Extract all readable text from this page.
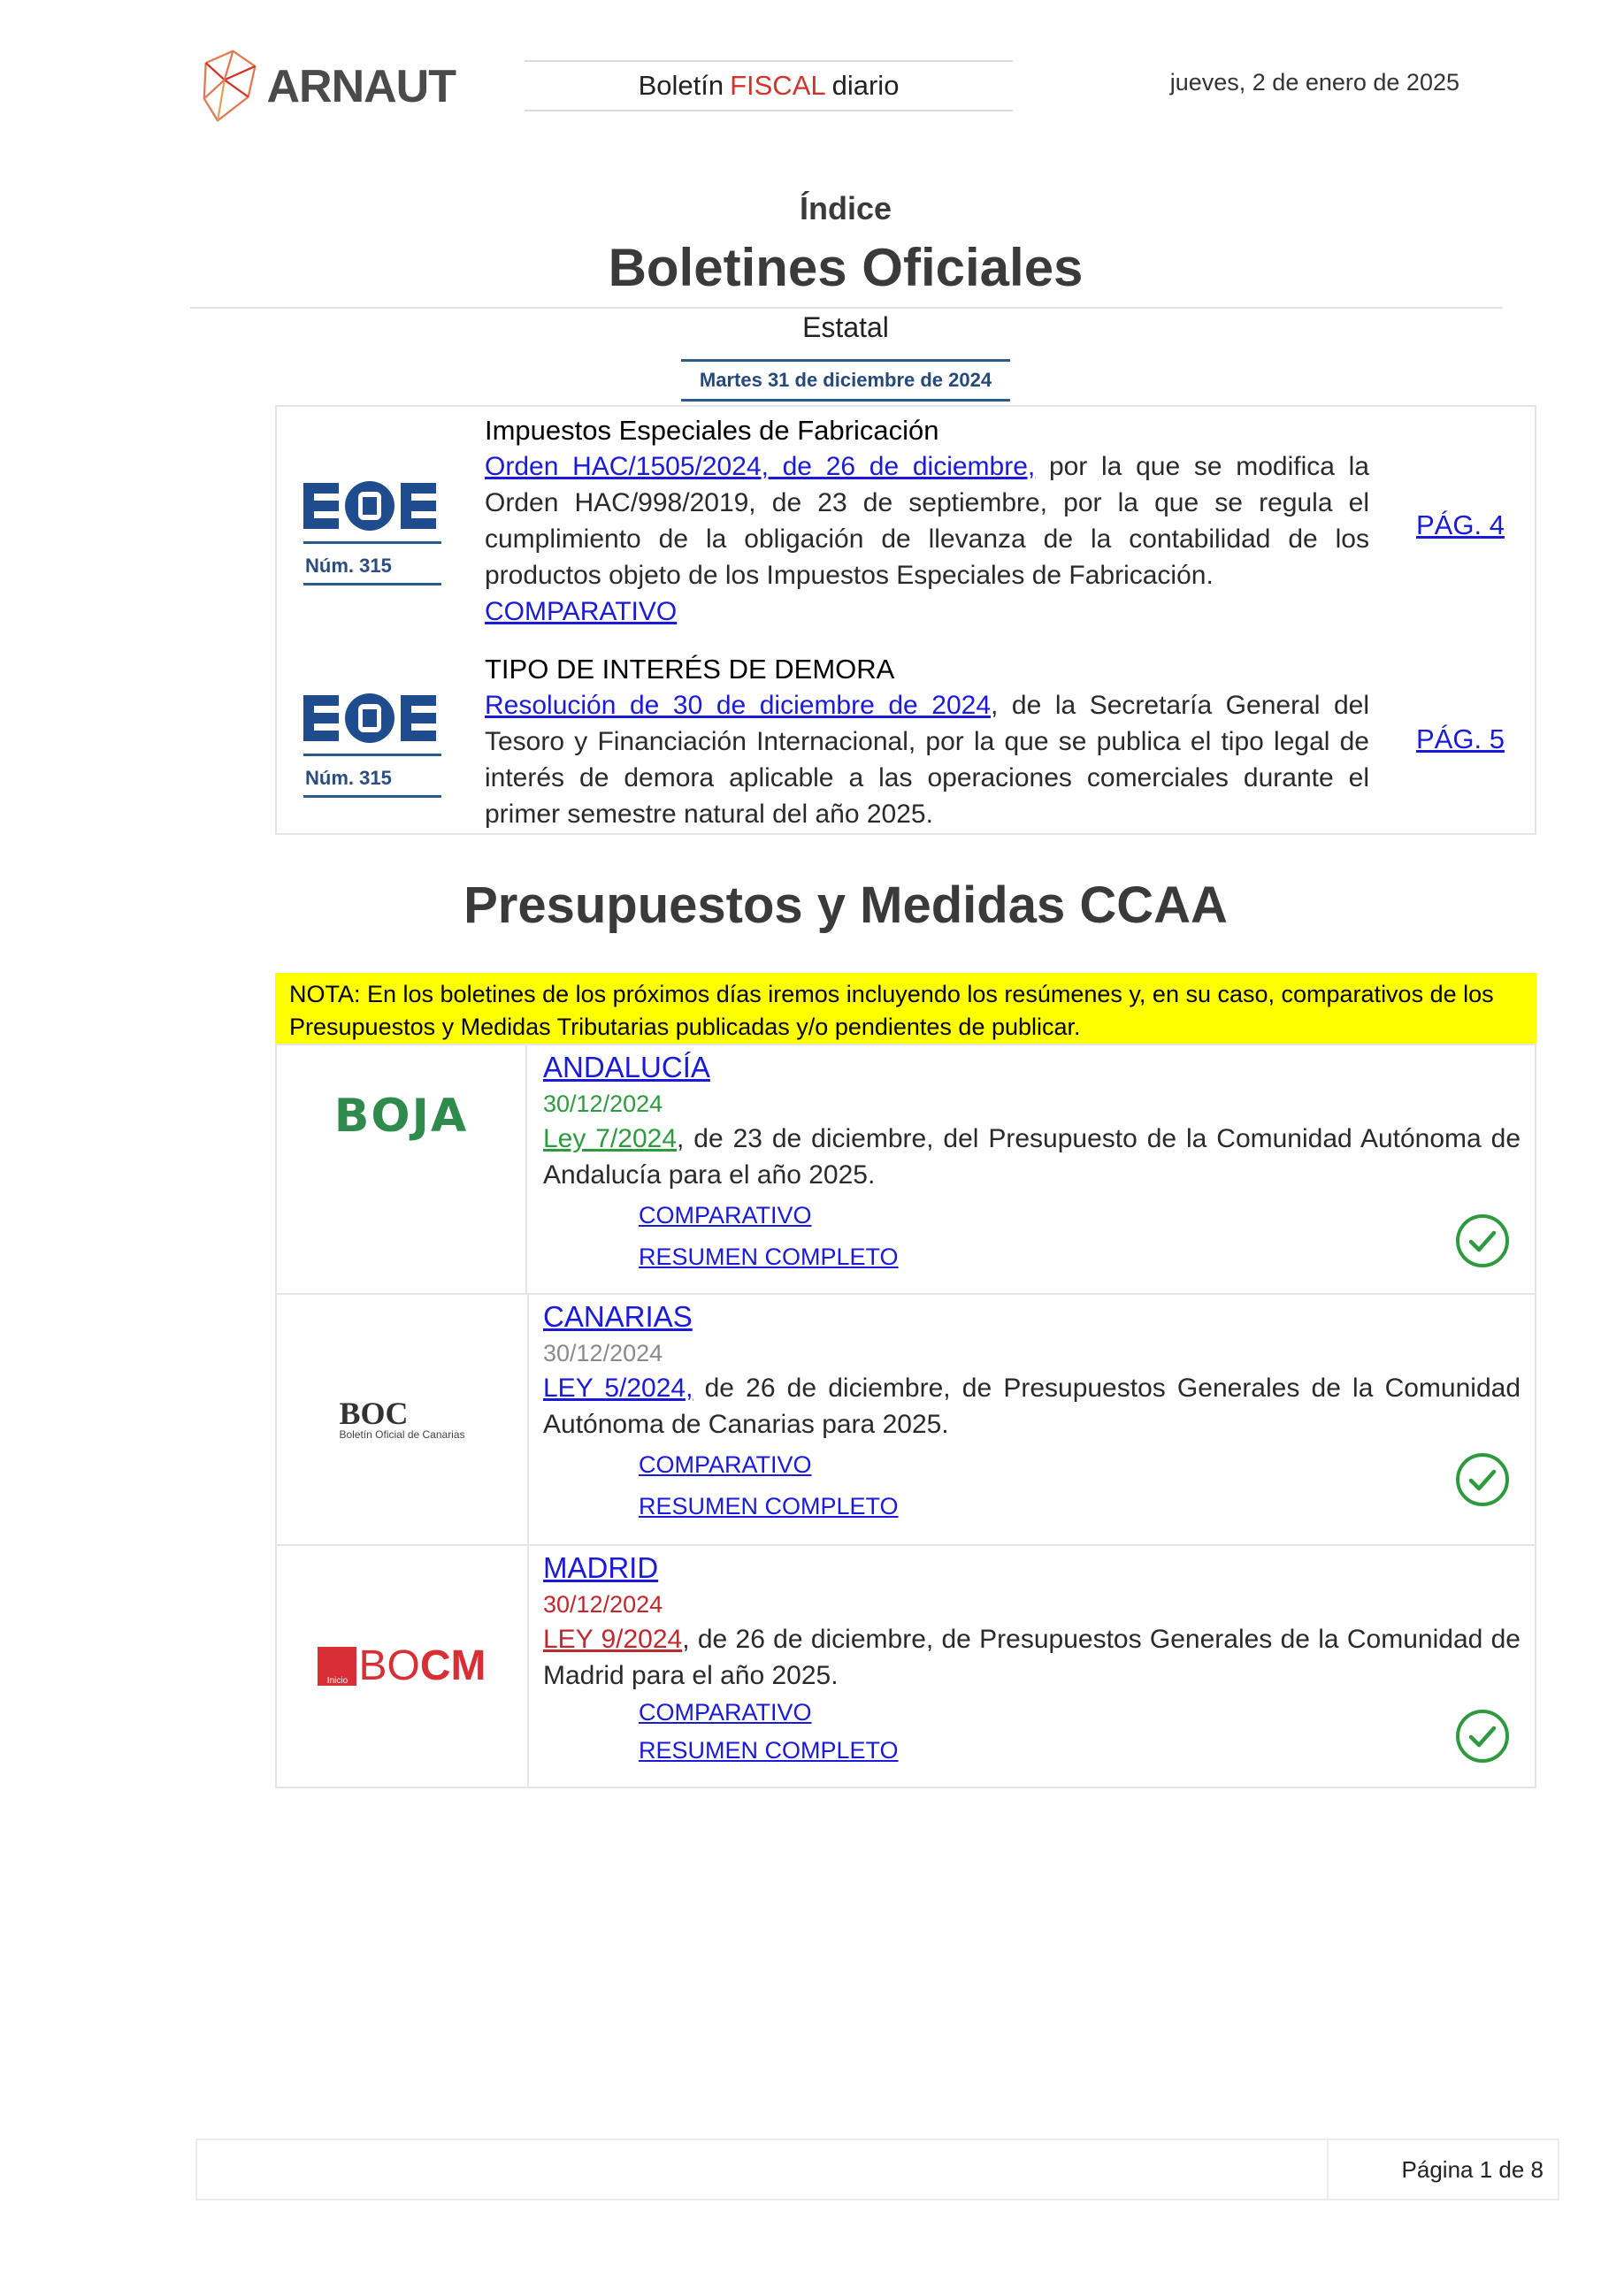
ARNAUT	Boletín FISCAL diario	jueves, 2 de enero de 2025
Índice
Boletines Oficiales
Estatal
Martes 31 de diciembre de 2024
Núm. 315
Impuestos Especiales de Fabricación
Orden HAC/1505/2024, de 26 de diciembre, por la que se modifica la Orden HAC/998/2019, de 23 de septiembre, por la que se regula el cumplimiento de la obligación de llevanza de la contabilidad de los productos objeto de los Impuestos Especiales de Fabricación.
COMPARATIVO
PÁG. 4
Núm. 315
TIPO DE INTERÉS DE DEMORA
Resolución de 30 de diciembre de 2024, de la Secretaría General del Tesoro y Financiación Internacional, por la que se publica el tipo legal de interés de demora aplicable a las operaciones comerciales durante el primer semestre natural del año 2025.
PÁG. 5
Presupuestos y Medidas CCAA
NOTA: En los boletines de los próximos días iremos incluyendo los resúmenes y, en su caso, comparativos de los Presupuestos y Medidas Tributarias publicadas y/o pendientes de publicar.
BOJA
ANDALUCÍA
30/12/2024
Ley 7/2024, de 23 de diciembre, del Presupuesto de la Comunidad Autónoma de Andalucía para el año 2025.
COMPARATIVO
RESUMEN COMPLETO
BOC
Boletín Oficial de Canarias
CANARIAS
30/12/2024
LEY 5/2024, de 26 de diciembre, de Presupuestos Generales de la Comunidad Autónoma de Canarias para 2025.
COMPARATIVO
RESUMEN COMPLETO
Inicio BOCM
MADRID
30/12/2024
LEY 9/2024, de 26 de diciembre, de Presupuestos Generales de la Comunidad de Madrid para el año 2025.
COMPARATIVO
RESUMEN COMPLETO
Página 1 de 8
